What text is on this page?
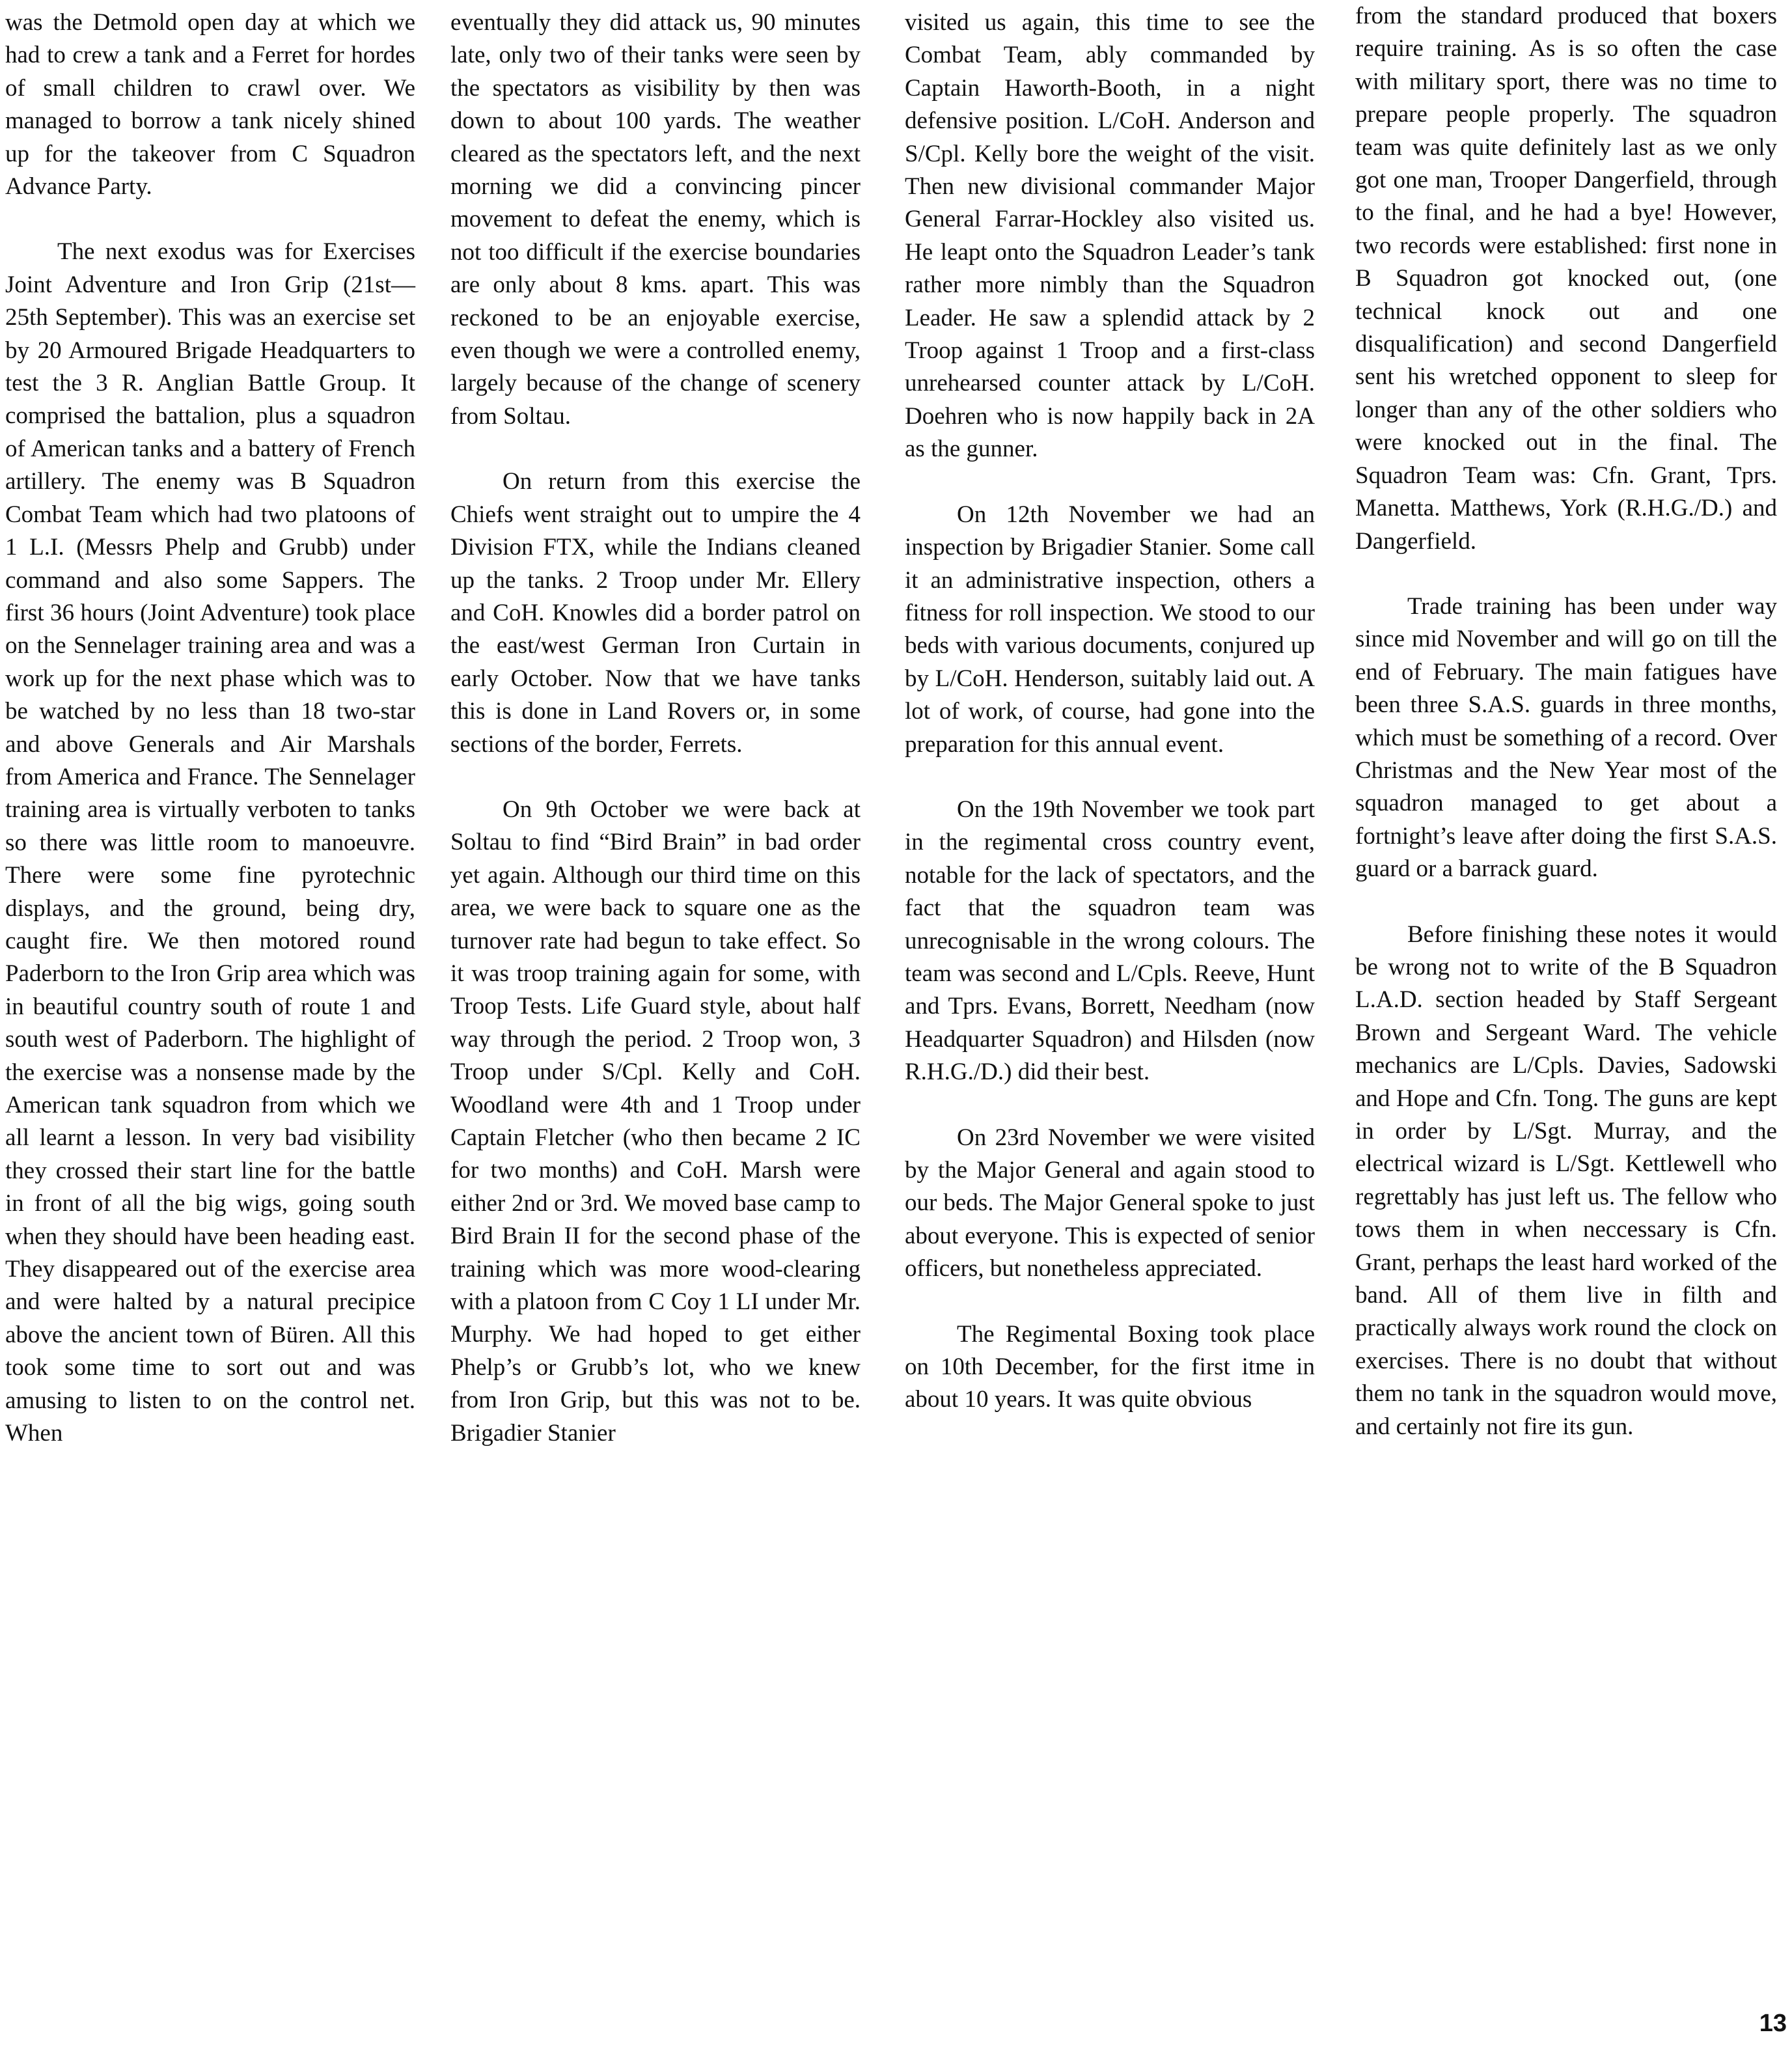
was the Detmold open day at which we had to crew a tank and a Ferret for hordes of small children to crawl over. We managed to borrow a tank nicely shined up for the takeover from C Squadron Advance Party.

The next exodus was for Exercises Joint Adventure and Iron Grip (21st—25th September). This was an exercise set by 20 Armoured Brigade Headquarters to test the 3 R. Anglian Battle Group. It comprised the battalion, plus a squadron of American tanks and a battery of French artillery. The enemy was B Squadron Combat Team which had two platoons of 1 L.I. (Messrs Phelp and Grubb) under command and also some Sappers. The first 36 hours (Joint Adventure) took place on the Sennelager training area and was a work up for the next phase which was to be watched by no less than 18 two-star and above Generals and Air Marshals from America and France. The Sennelager training area is virtually verboten to tanks so there was little room to manoeuvre. There were some fine pyrotechnic displays, and the ground, being dry, caught fire. We then motored round Paderborn to the Iron Grip area which was in beautiful country south of route 1 and south west of Paderborn. The highlight of the exercise was a nonsense made by the American tank squadron from which we all learnt a lesson. In very bad visibility they crossed their start line for the battle in front of all the big wigs, going south when they should have been heading east. They disappeared out of the exercise area and were halted by a natural precipice above the ancient town of Büren. All this took some time to sort out and was amusing to listen to on the control net. When

eventually they did attack us, 90 minutes late, only two of their tanks were seen by the spectators as visibility by then was down to about 100 yards. The weather cleared as the spectators left, and the next morning we did a convincing pincer movement to defeat the enemy, which is not too difficult if the exercise boundaries are only about 8 kms. apart. This was reckoned to be an enjoyable exercise, even though we were a controlled enemy, largely because of the change of scenery from Soltau.

On return from this exercise the Chiefs went straight out to umpire the 4 Division FTX, while the Indians cleaned up the tanks. 2 Troop under Mr. Ellery and CoH. Knowles did a border patrol on the east/west German Iron Curtain in early October. Now that we have tanks this is done in Land Rovers or, in some sections of the border, Ferrets.

On 9th October we were back at Soltau to find “Bird Brain” in bad order yet again. Although our third time on this area, we were back to square one as the turnover rate had begun to take effect. So it was troop training again for some, with Troop Tests. Life Guard style, about half way through the period. 2 Troop won, 3 Troop under S/Cpl. Kelly and CoH. Woodland were 4th and 1 Troop under Captain Fletcher (who then became 2 IC for two months) and CoH. Marsh were either 2nd or 3rd. We moved base camp to Bird Brain II for the second phase of the training which was more wood-clearing with a platoon from C Coy 1 LI under Mr. Murphy. We had hoped to get either Phelp’s or Grubb’s lot, who we knew from Iron Grip, but this was not to be. Brigadier Stanier

visited us again, this time to see the Combat Team, ably commanded by Captain Haworth-Booth, in a night defensive position. L/CoH. Anderson and S/Cpl. Kelly bore the weight of the visit. Then new divisional commander Major General Farrar-Hockley also visited us. He leapt onto the Squadron Leader’s tank rather more nimbly than the Squadron Leader. He saw a splendid attack by 2 Troop against 1 Troop and a first-class unrehearsed counter attack by L/CoH. Doehren who is now happily back in 2A as the gunner.

On 12th November we had an inspection by Brigadier Stanier. Some call it an administrative inspection, others a fitness for roll inspection. We stood to our beds with various documents, conjured up by L/CoH. Henderson, suitably laid out. A lot of work, of course, had gone into the preparation for this annual event.

On the 19th November we took part in the regimental cross country event, notable for the lack of spectators, and the fact that the squadron team was unrecognisable in the wrong colours. The team was second and L/Cpls. Reeve, Hunt and Tprs. Evans, Borrett, Needham (now Headquarter Squadron) and Hilsden (now R.H.G./D.) did their best.

On 23rd November we were visited by the Major General and again stood to our beds. The Major General spoke to just about everyone. This is expected of senior officers, but nonetheless appreciated.

The Regimental Boxing took place on 10th December, for the first itme in about 10 years. It was quite obvious

from the standard produced that boxers require training. As is so often the case with military sport, there was no time to prepare people properly. The squadron team was quite definitely last as we only got one man, Trooper Dangerfield, through to the final, and he had a bye! However, two records were established: first none in B Squadron got knocked out, (one technical knock out and one disqualification) and second Dangerfield sent his wretched opponent to sleep for longer than any of the other soldiers who were knocked out in the final. The Squadron Team was: Cfn. Grant, Tprs. Manetta. Matthews, York (R.H.G./D.) and Dangerfield.

Trade training has been under way since mid November and will go on till the end of February. The main fatigues have been three S.A.S. guards in three months, which must be something of a record. Over Christmas and the New Year most of the squadron managed to get about a fortnight’s leave after doing the first S.A.S. guard or a barrack guard.

Before finishing these notes it would be wrong not to write of the B Squadron L.A.D. section headed by Staff Sergeant Brown and Sergeant Ward. The vehicle mechanics are L/Cpls. Davies, Sadowski and Hope and Cfn. Tong. The guns are kept in order by L/Sgt. Murray, and the electrical wizard is L/Sgt. Kettlewell who regrettably has just left us. The fellow who tows them in when neccessary is Cfn. Grant, perhaps the least hard worked of the band. All of them live in filth and practically always work round the clock on exercises. There is no doubt that without them no tank in the squadron would move, and certainly not fire its gun.

13
